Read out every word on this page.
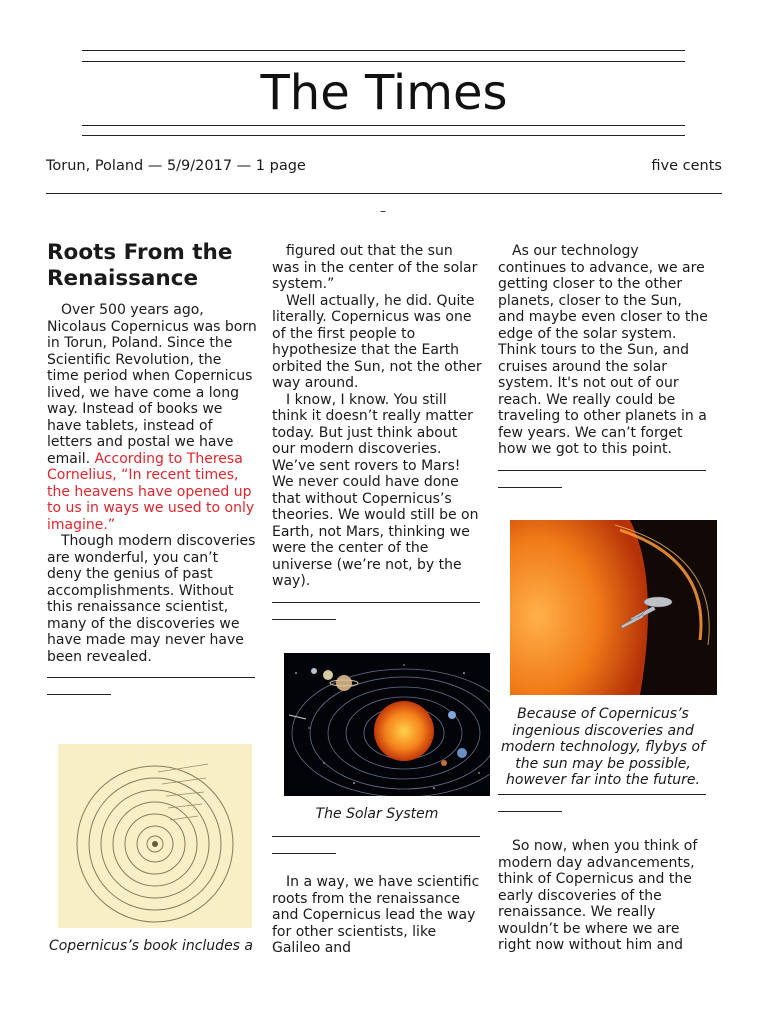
The Times
Torun, Poland — 5/9/2017 — 1 page	five cents
–
Roots From the Renaissance

Over 500 years ago, Nicolaus Copernicus was born in Torun, Poland. Since the Scientific Revolution, the time period when Copernicus lived, we have come a long way. Instead of books we have tablets, instead of letters and postal we have email. According to Theresa Cornelius, “In recent times, the heavens have opened up to us in ways we used to only imagine.”

Though modern discoveries are wonderful, you can’t deny the genius of past accomplishments. Without this renaissance scientist, many of the discoveries we have made may never have been revealed.

Copernicus’s book includes a

figured out that the sun was in the center of the solar system.”

Well actually, he did. Quite literally. Copernicus was one of the first people to hypothesize that the Earth orbited the Sun, not the other way around.

I know, I know. You still think it doesn’t really matter today. But just think about our modern discoveries. We’ve sent rovers to Mars! We never could have done that without Copernicus’s theories. We would still be on Earth, not Mars, thinking we were the center of the universe (we’re not, by the way).

The Solar System

In a way, we have scientific roots from the renaissance and Copernicus lead the way for other scientists, like Galileo and

As our technology continues to advance, we are getting closer to the other planets, closer to the Sun, and maybe even closer to the edge of the solar system. Think tours to the Sun, and cruises around the solar system. It's not out of our reach. We really could be traveling to other planets in a few years. We can’t forget how we got to this point.

Because of Copernicus’s ingenious discoveries and modern technology, flybys of the sun may be possible, however far into the future.

So now, when you think of modern day advancements, think of Copernicus and the early discoveries of the renaissance. We really wouldn’t be where we are right now without him and
